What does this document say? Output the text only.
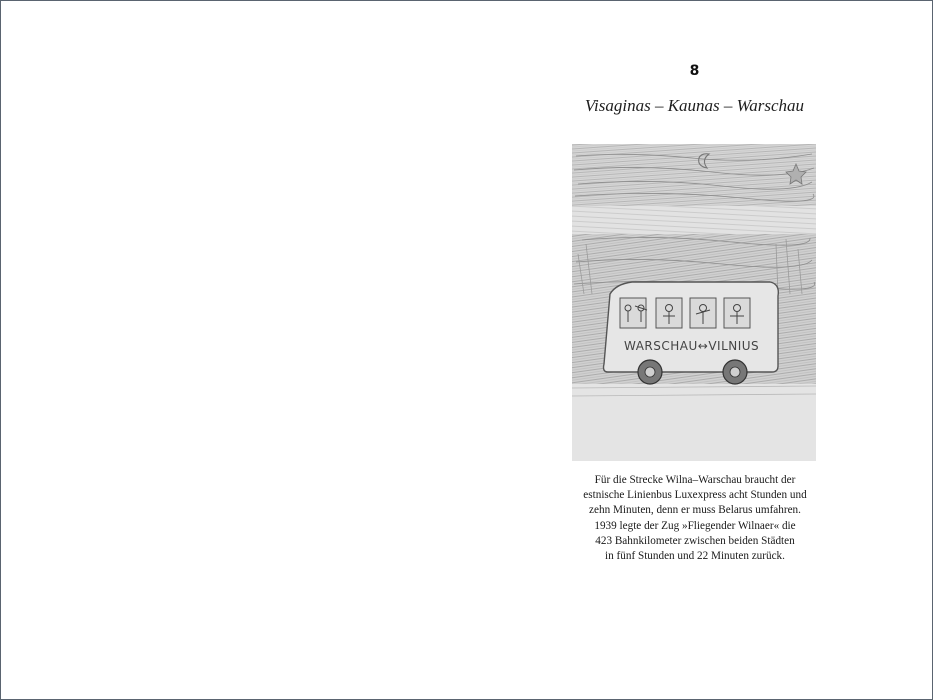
8
Visaginas – Kaunas – Warschau
WARSCHAU↔VILNIUS
Für die Strecke Wilna–Warschau braucht der
estnische Linienbus Luxexpress acht Stunden und
zehn Minuten, denn er muss Belarus umfahren.
1939 legte der Zug »Fliegender Wilnaer« die
423 Bahnkilometer zwischen beiden Städten
in fünf Stunden und 22 Minuten zurück.
